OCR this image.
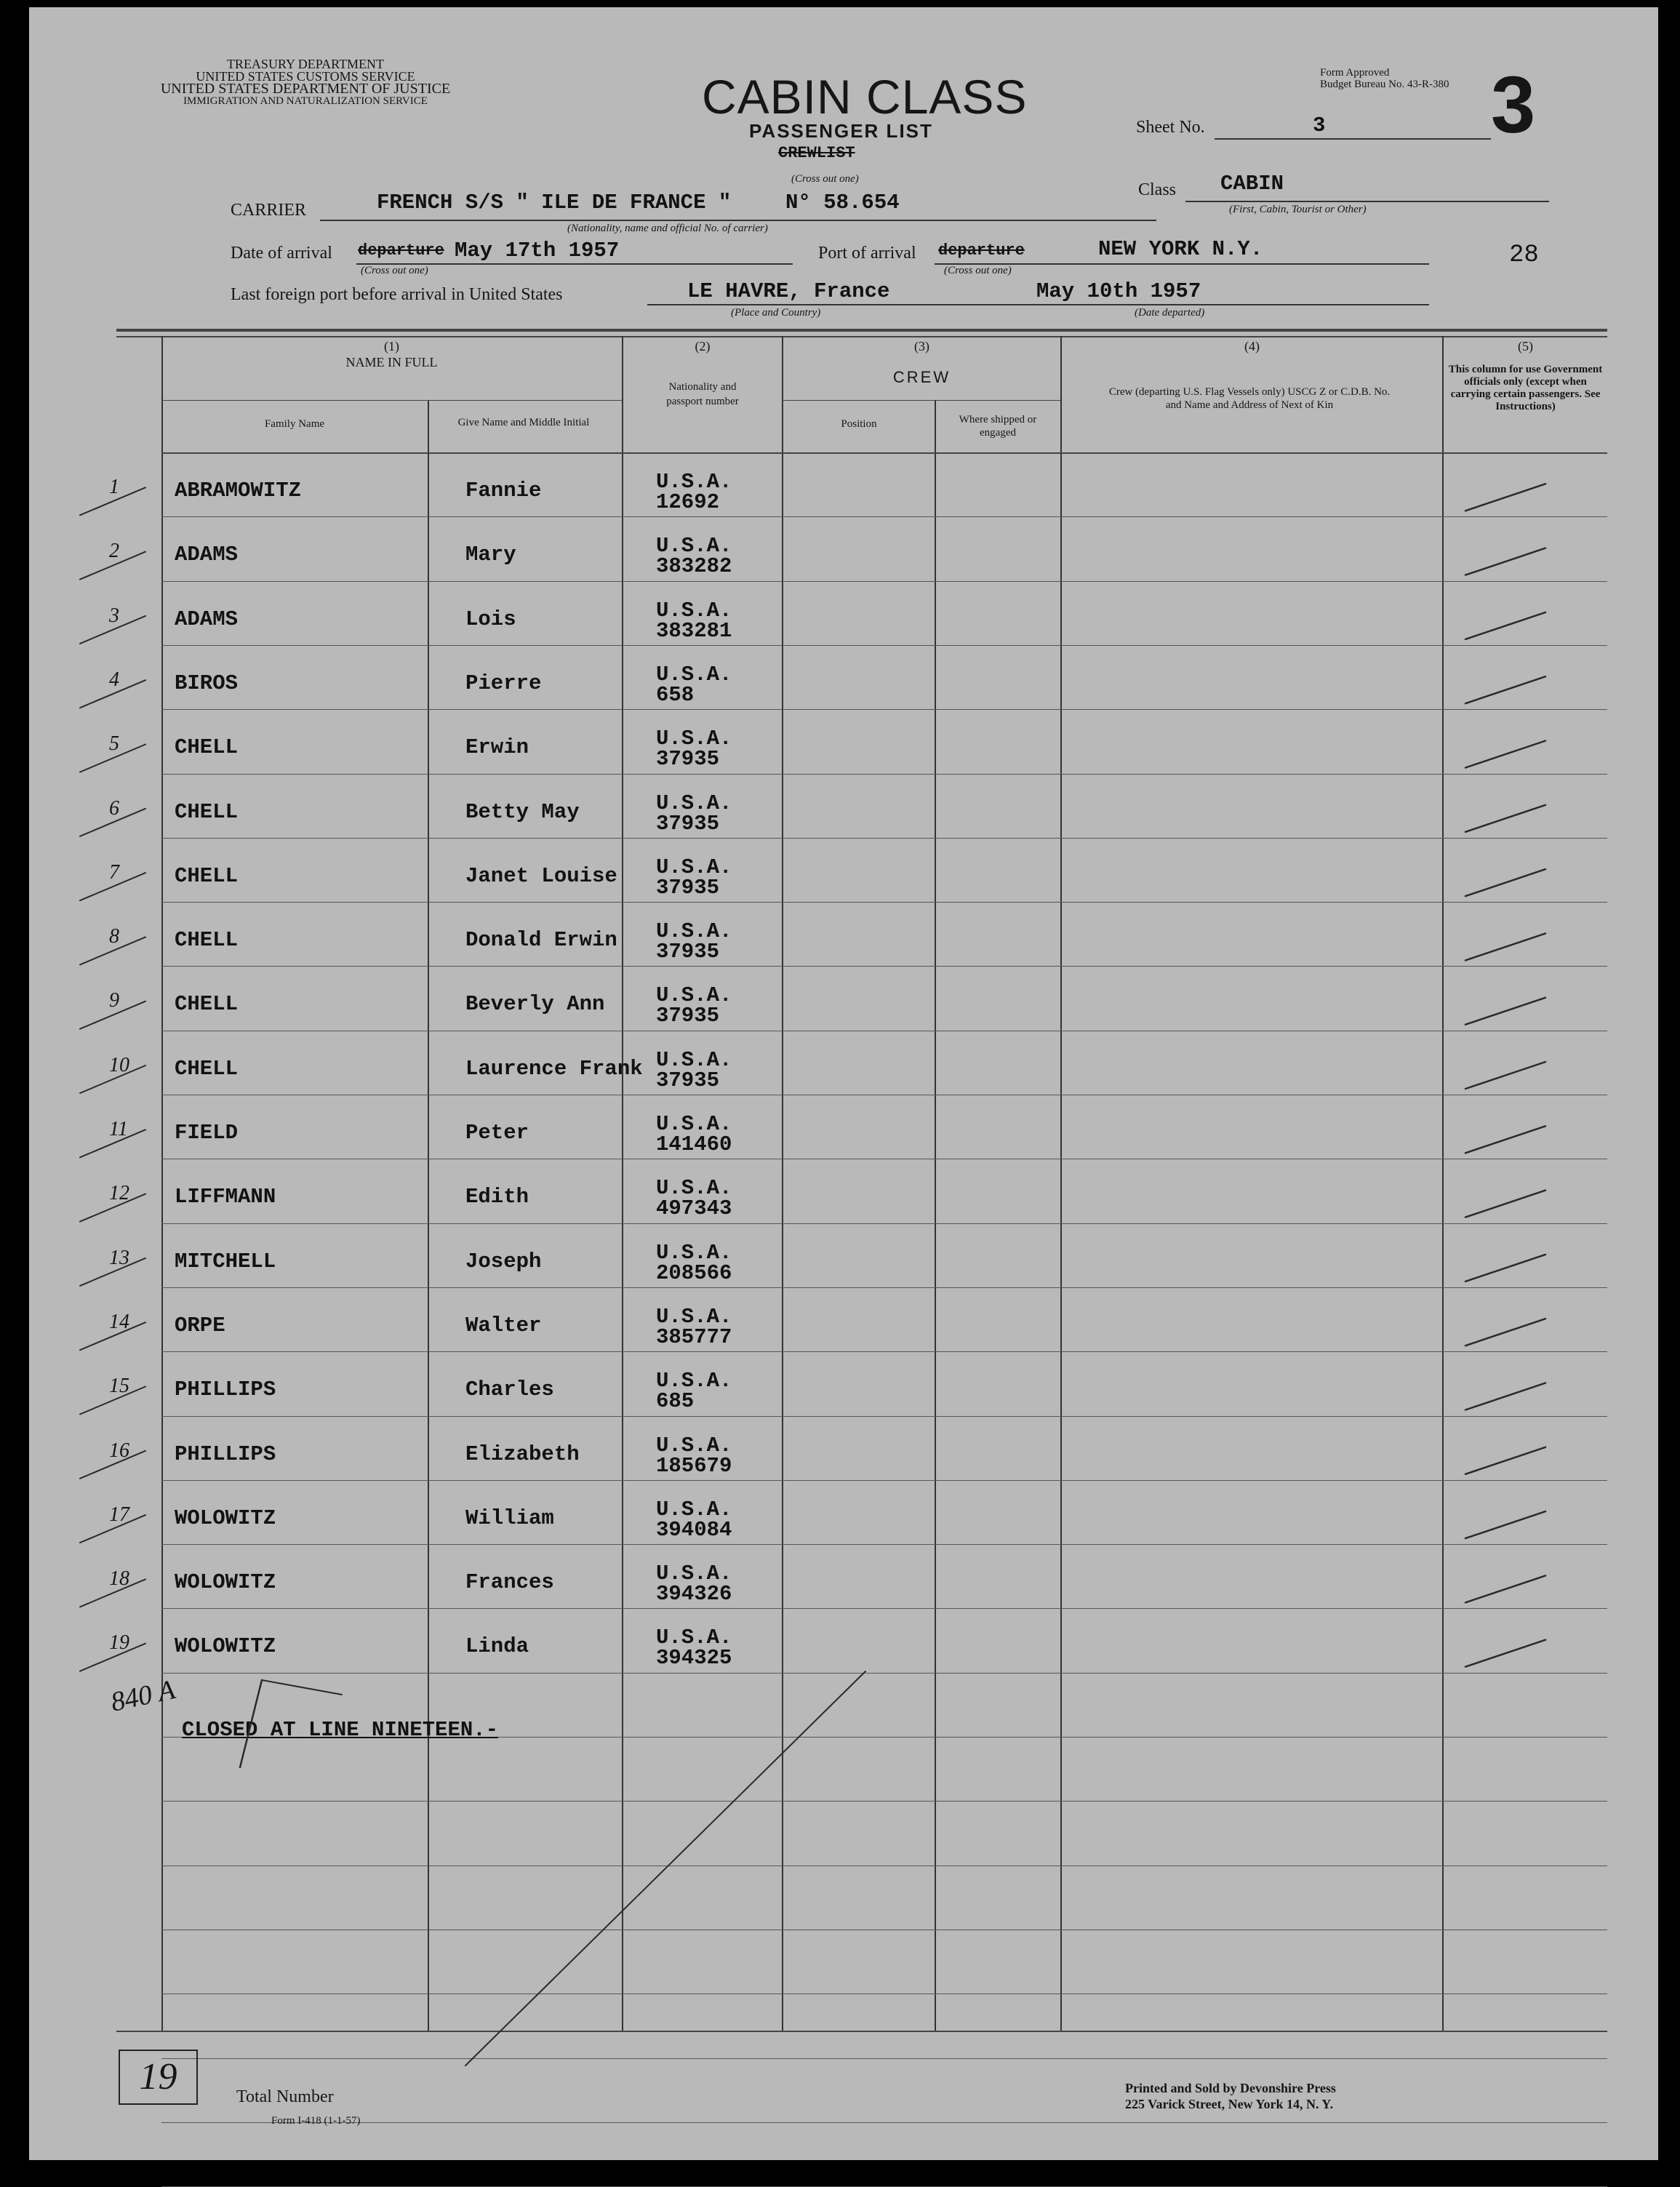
TREASURY DEPARTMENT
UNITED STATES CUSTOMS SERVICE
UNITED STATES DEPARTMENT OF JUSTICE
IMMIGRATION AND NATURALIZATION SERVICE	CABIN CLASS
PASSENGER LIST
CREWLIST
(Cross out one)
Form Approved
Budget Bureau No. 43-R-380 3
Sheet No.	3
Class CABIN
(First, Cabin, Tourist or Other)
CARRIER	FRENCH S/S " ILE DE FRANCE "	N° 58.654
(Nationality, name and official No. of carrier)
Date of arrival departure May 17th 1957
(Cross out one)
Port of arrival departure	NEW YORK N.Y.
(Cross out one)
28
Last foreign port before arrival in United States	LE HAVRE, France
(Place and Country)
May 10th 1957
(Date departed)
(1)
NAME IN FULL
Family Name	Give Name and Middle Initial
(2)
Nationality and passport number
(3)
CREW
Position	Where shipped or engaged
(4)
Crew (departing U.S. Flag Vessels only) USCG Z or C.D.B. No. and Name and Address of Next of Kin
(5)
This column for use Government officials only (except when carrying certain passengers. See Instructions)
1	ABRAMOWITZ	Fannie	U.S.A.
12692
2	ADAMS	Mary	U.S.A.
383282
3	ADAMS	Lois	U.S.A.
383281
4	BIROS	Pierre	U.S.A.
658
5	CHELL	Erwin	U.S.A.
37935
6	CHELL	Betty May	U.S.A.
37935
7	CHELL	Janet Louise U.S.A.
37935
8	CHELL	Donald Erwin U.S.A.
37935
9	CHELL	Beverly Ann U.S.A.
37935
10 CHELL	Laurence Frank U.S.A.
37935
11 FIELD	Peter	U.S.A.
141460
12 LIFFMANN	Edith	U.S.A.
497343
13 MITCHELL	Joseph	U.S.A.
208566
14 ORPE	Walter	U.S.A.
385777
15 PHILLIPS	Charles	U.S.A.
685
16 PHILLIPS	Elizabeth	U.S.A.
185679
17 WOLOWITZ	William	U.S.A.
394084
18 WOLOWITZ	Frances	U.S.A.
394326
19 WOLOWITZ	Linda	U.S.A.
394325
CLOSED AT LINE NINETEEN.-
840 A
19	Total Number
Form I-418 (1-1-57)
Printed and Sold by Devonshire Press
225 Varick Street, New York 14, N. Y.
